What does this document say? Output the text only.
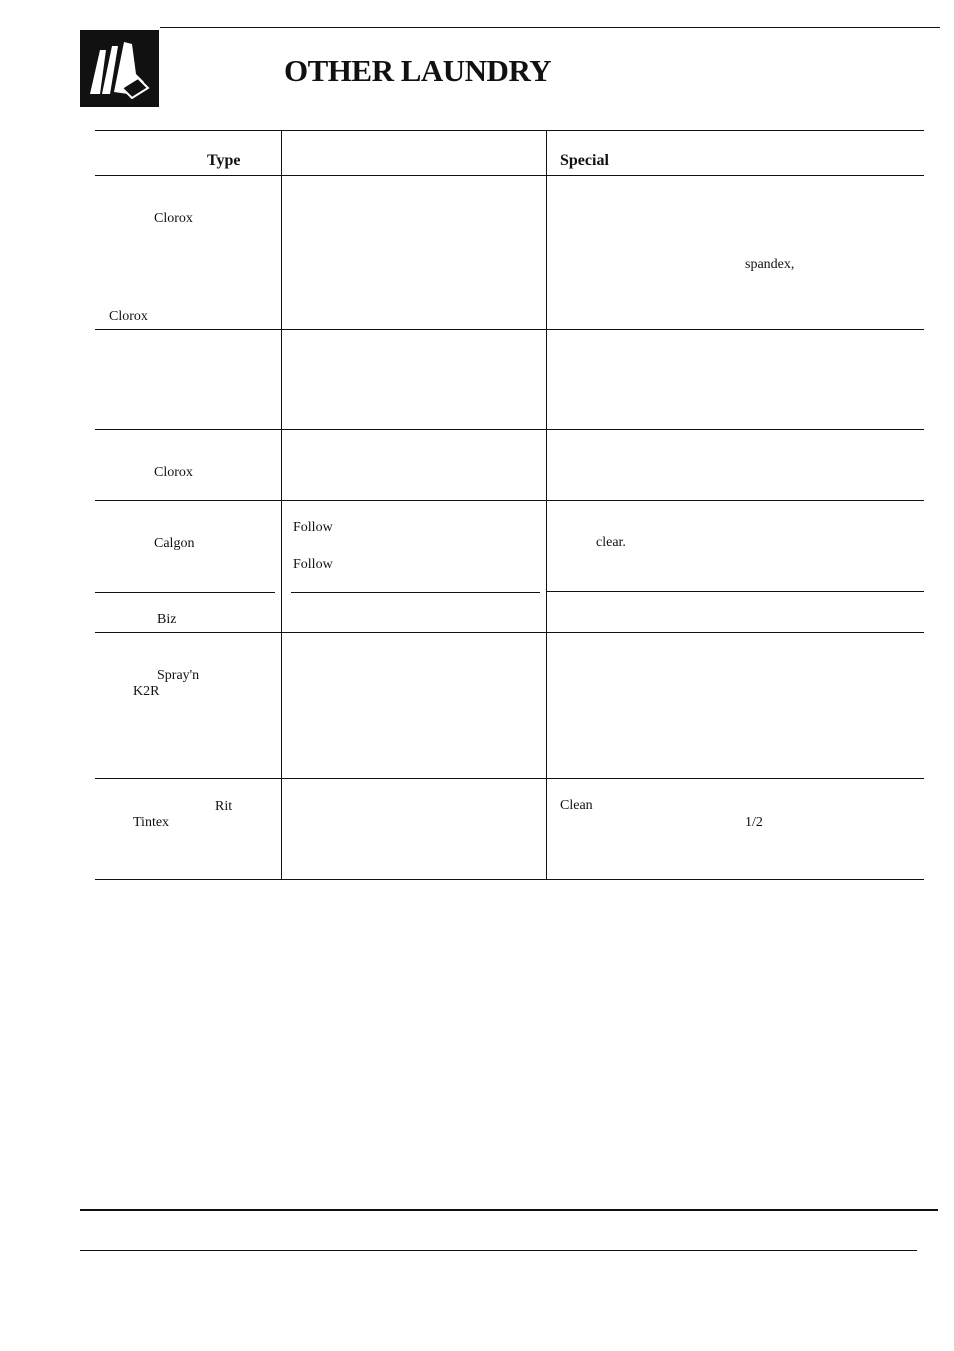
OTHER LAUNDRY
Type	Special
Clorox
Clorox
spandex,
Clorox
Calgon
Follow
Follow
clear.
Biz
Spray'n
K2R
Rit
Tintex
Clean
1/2
